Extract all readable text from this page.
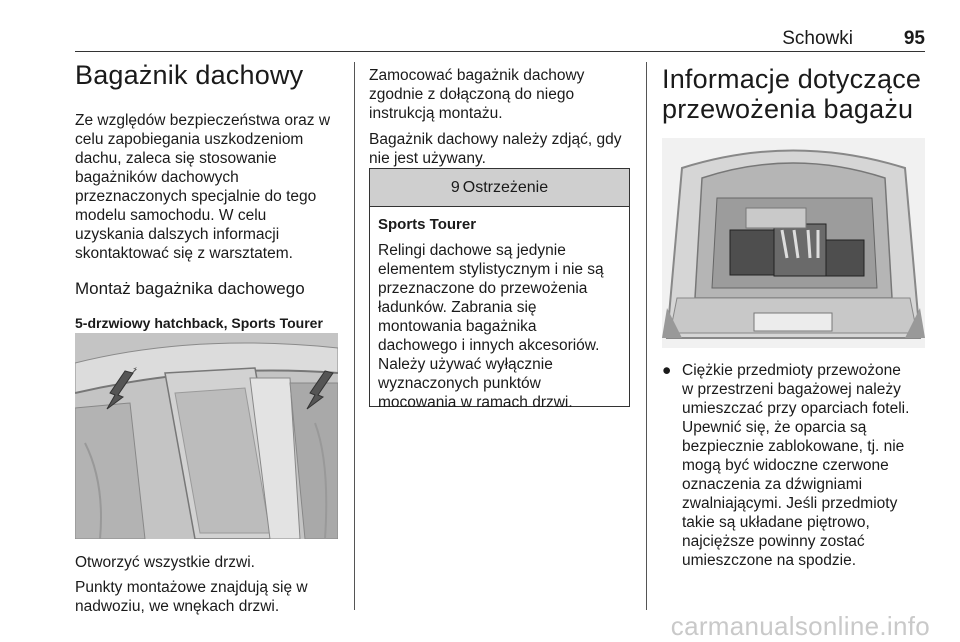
Schowki	95
Bagażnik dachowy

Ze względów bezpieczeństwa oraz w

celu zapobiegania uszkodzeniom

dachu, zaleca się stosowanie

bagażników dachowych

przeznaczonych specjalnie do tego

modelu samochodu. W celu

uzyskania dalszych informacji

skontaktować się z warsztatem.

Montaż bagażnika dachowego
5-drzwiowy hatchback, Sports Tourer

Otworzyć wszystkie drzwi.

Punkty montażowe znajdują się w

nadwoziu, we wnękach drzwi.

Zamocować bagażnik dachowy

zgodnie z dołączoną do niego

instrukcją montażu.

Bagażnik dachowy należy zdjąć, gdy

nie jest używany.

9 Ostrzeżenie
Sports Tourer

Relingi dachowe są jedynie

elementem stylistycznym i nie są

przeznaczone do przewożenia

ładunków. Zabrania się

montowania bagażnika

dachowego i innych akcesoriów.

Należy używać wyłącznie

wyznaczonych punktów

mocowania w ramach drzwi.

Informacje dotyczące
przewożenia bagażu
● Ciężkie przedmioty przewożone

w przestrzeni bagażowej należy

umieszczać przy oparciach foteli.

Upewnić się, że oparcia są

bezpiecznie zablokowane, tj. nie

mogą być widoczne czerwone

oznaczenia za dźwigniami

zwalniającymi. Jeśli przedmioty

takie są układane piętrowo,

najcięższe powinny zostać

umieszczone na spodzie.

carmanualsonline.info
